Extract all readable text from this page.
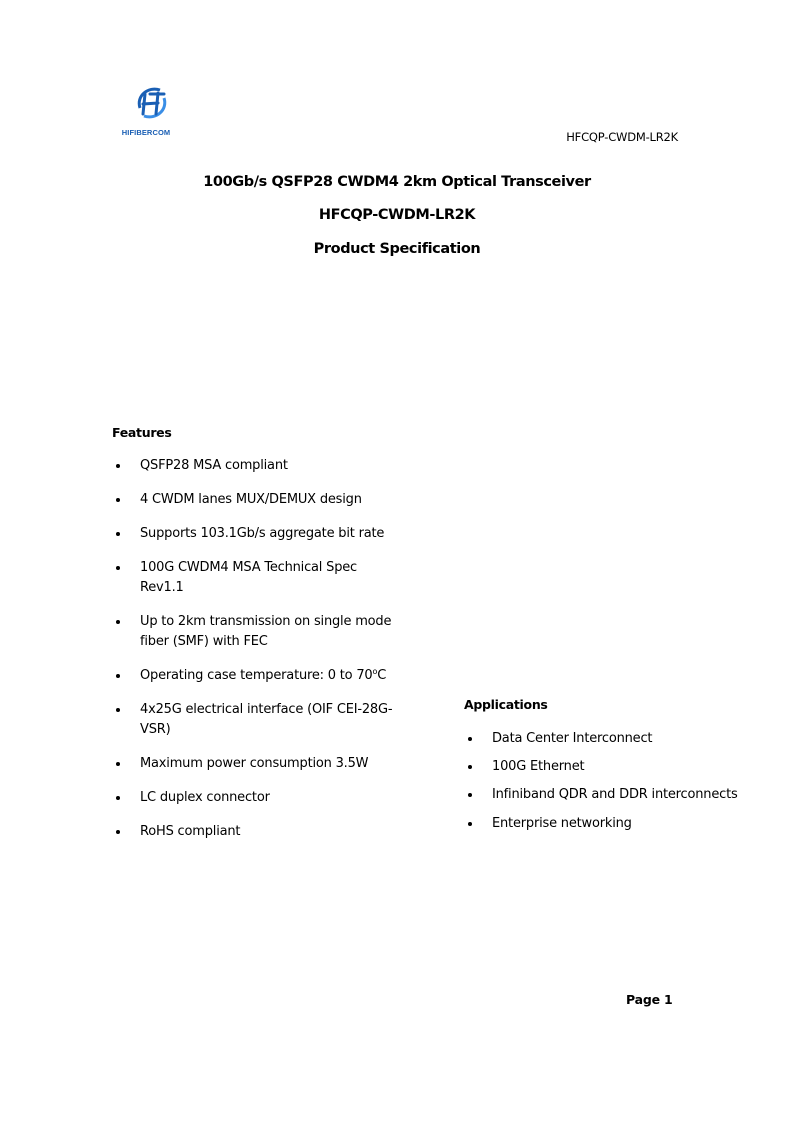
HIFIBERCOM	HFCQP-CWDM-LR2K
100Gb/s QSFP28 CWDM4 2km Optical Transceiver
HFCQP-CWDM-LR2K
Product Specification
Features
QSFP28 MSA compliant
4 CWDM lanes MUX/DEMUX design
Supports 103.1Gb/s aggregate bit rate
100G CWDM4 MSA Technical Spec
Rev1.1
Up to 2km transmission on single mode
fiber (SMF) with FEC
Operating case temperature: 0 to 70$^o$C
4x25G electrical interface (OIF CEI-28G-
VSR)
Maximum power consumption 3.5W
LC duplex connector
RoHS compliant
Applications
Data Center Interconnect
100G Ethernet
Infiniband QDR and DDR interconnects
Enterprise networking
Page 1
